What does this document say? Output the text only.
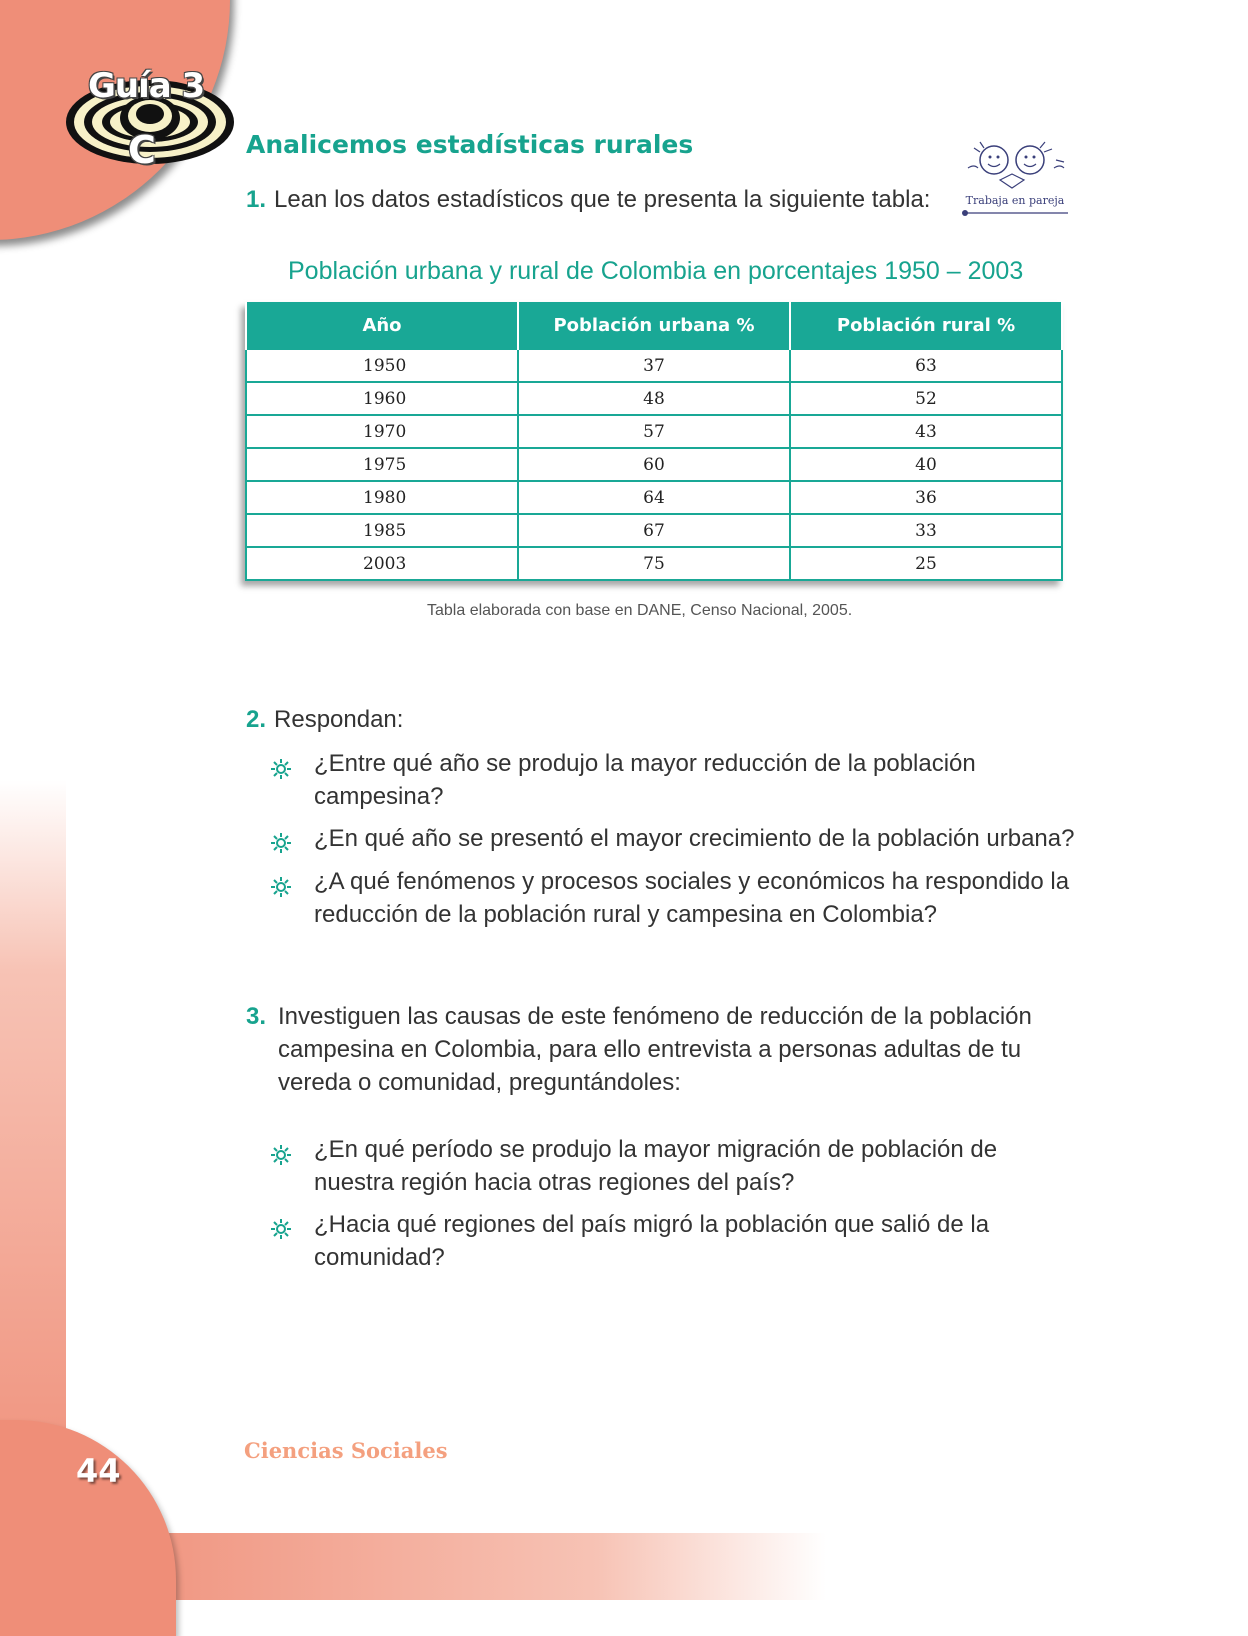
Guía 3
C	Analicemos estadísticas rurales
Trabaja en pareja
1. Lean los datos estadísticos que te presenta la siguiente tabla:
Población urbana y rural de Colombia en porcentajes 1950 – 2003
Año	Población urbana %	Población rural %
1950	37	63
1960	48	52
1970	57	43
1975	60	40
1980	64	36
1985	67	33
2003	75	25
Tabla elaborada con base en DANE, Censo Nacional, 2005.
2. Respondan:
¿Entre qué año se produjo la mayor reducción de la población
campesina?
¿En qué año se presentó el mayor crecimiento de la población urbana?
¿A qué fenómenos y procesos sociales y económicos ha respondido la
reducción de la población rural y campesina en Colombia?
3. Investiguen las causas de este fenómeno de reducción de la población
campesina en Colombia, para ello entrevista a personas adultas de tu
vereda o comunidad, preguntándoles:
¿En qué período se produjo la mayor migración de población de
nuestra región hacia otras regiones del país?
¿Hacia qué regiones del país migró la población que salió de la
comunidad?
Ciencias Sociales
44
